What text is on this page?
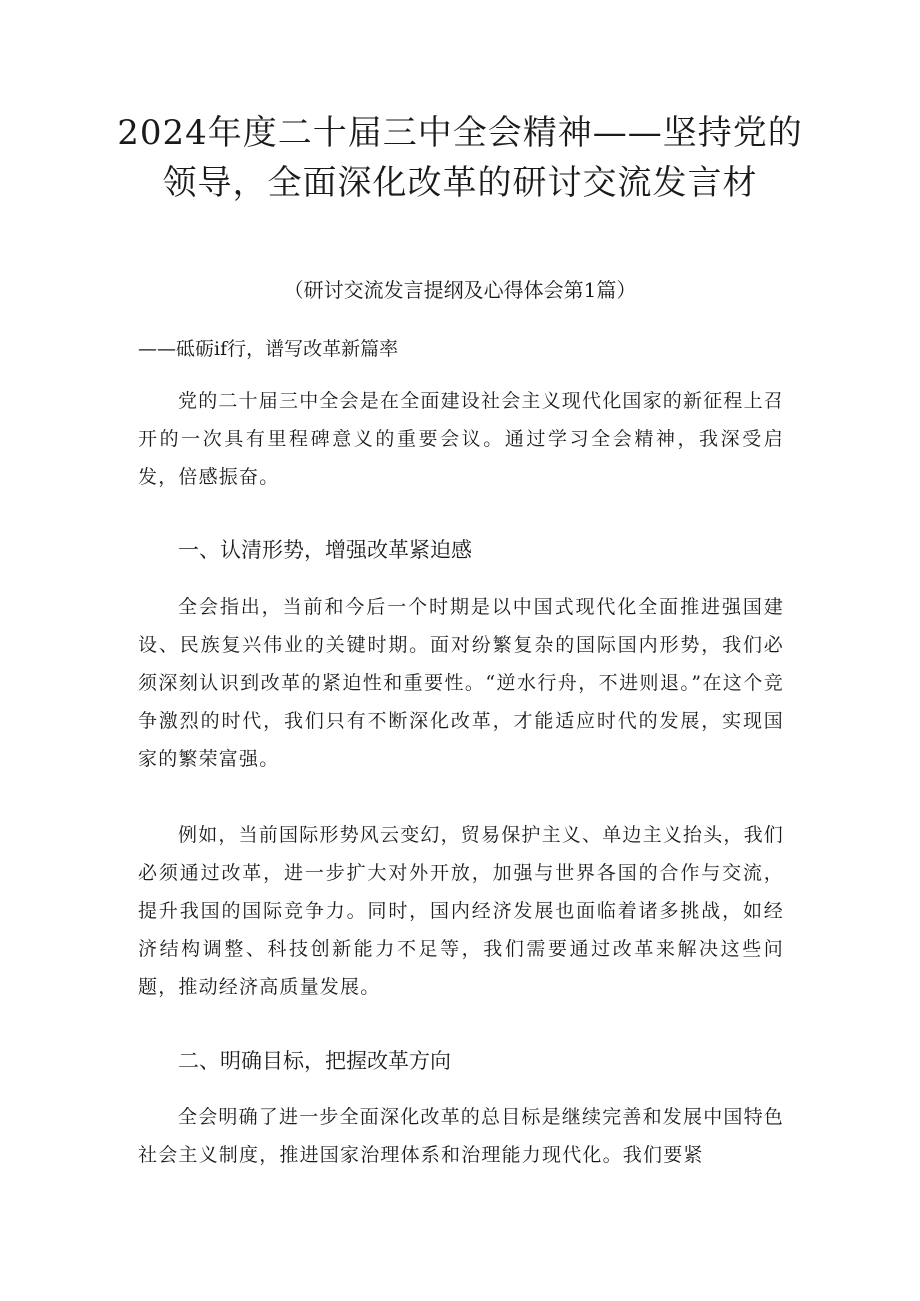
2024年度二十届三中全会精神——坚持党的领导，全面深化改革的研讨交流发言材

（研讨交流发言提纲及心得体会第1篇）

——砥砺if行，谱写改革新篇率

党的二十届三中全会是在全面建设社会主义现代化国家的新征程上召开的一次具有里程碑意义的重要会议。通过学习全会精神，我深受启发，倍感振奋。

一、认清形势，增强改革紧迫感

全会指出，当前和今后一个时期是以中国式现代化全面推进强国建设、民族复兴伟业的关键时期。面对纷繁复杂的国际国内形势，我们必须深刻认识到改革的紧迫性和重要性。“逆水行舟，不进则退。”在这个竞争激烈的时代，我们只有不断深化改革，才能适应时代的发展，实现国家的繁荣富强。

例如，当前国际形势风云变幻，贸易保护主义、单边主义抬头，我们必须通过改革，进一步扩大对外开放，加强与世界各国的合作与交流，提升我国的国际竞争力。同时，国内经济发展也面临着诸多挑战，如经济结构调整、科技创新能力不足等，我们需要通过改革来解决这些问题，推动经济高质量发展。

二、明确目标，把握改革方向

全会明确了进一步全面深化改革的总目标是继续完善和发展中国特色社会主义制度，推进国家治理体系和治理能力现代化。我们要紧
